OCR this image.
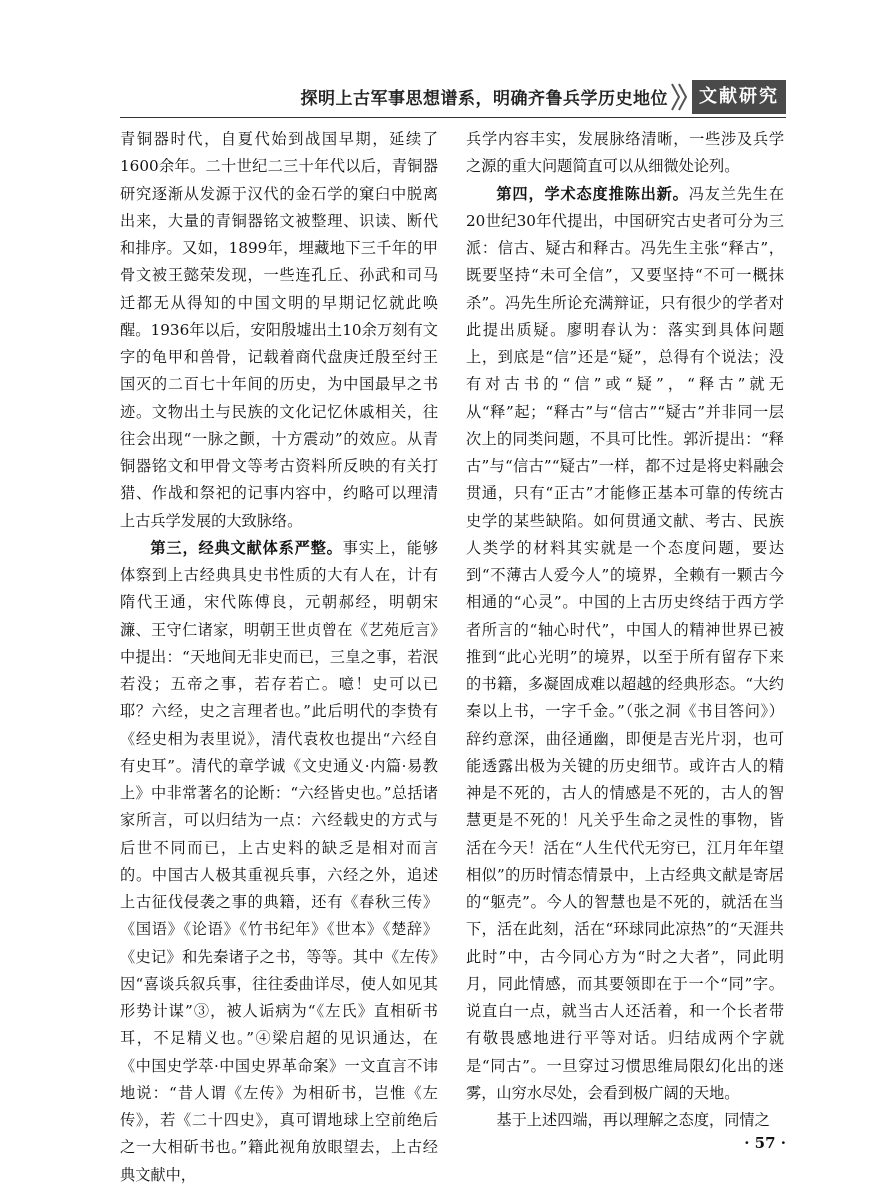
探明上古军事思想谱系，明确齐鲁兵学历史地位	文献研究

青铜器时代，自夏代始到战国早期，延续了1600余年。二十世纪二三十年代以后，青铜器研究逐渐从发源于汉代的金石学的窠臼中脱离出来，大量的青铜器铭文被整理、识读、断代和排序。又如，1899年，埋藏地下三千年的甲骨文被王懿荣发现，一些连孔丘、孙武和司马迁都无从得知的中国文明的早期记忆就此唤醒。1936年以后，安阳殷墟出土10余万刻有文字的龟甲和兽骨，记载着商代盘庚迁殷至纣王国灭的二百七十年间的历史，为中国最早之书迹。文物出土与民族的文化记忆休戚相关，往往会出现“一脉之颤，十方震动”的效应。从青铜器铭文和甲骨文等考古资料所反映的有关打猎、作战和祭祀的记事内容中，约略可以理清上古兵学发展的大致脉络。

第三，经典文献体系严整。事实上，能够体察到上古经典具史书性质的大有人在，计有隋代王通，宋代陈傅良，元朝郝经，明朝宋濂、王守仁诸家，明朝王世贞曾在《艺苑卮言》中提出：“天地间无非史而已，三皇之事，若泯若没；五帝之事，若存若亡。噫！史可以已耶？六经，史之言理者也。”此后明代的李贽有《经史相为表里说》，清代袁枚也提出“六经自有史耳”。清代的章学诚《文史通义·内篇·易教上》中非常著名的论断：“六经皆史也。”总括诸家所言，可以归结为一点：六经载史的方式与后世不同而已，上古史料的缺乏是相对而言的。中国古人极其重视兵事，六经之外，追述上古征伐侵袭之事的典籍，还有《春秋三传》《国语》《论语》《竹书纪年》《世本》《楚辞》《史记》和先秦诸子之书，等等。其中《左传》因“喜谈兵叙兵事，往往委曲详尽，使人如见其形势计谋”③，被人诟病为“《左氏》直相斫书耳，不足精义也。”④梁启超的见识通达，在《中国史学萃·中国史界革命案》一文直言不讳地说：“昔人谓《左传》为相斫书，岂惟《左传》，若《二十四史》，真可谓地球上空前绝后之一大相斫书也。”籍此视角放眼望去，上古经典文献中，

兵学内容丰实，发展脉络清晰，一些涉及兵学之源的重大问题简直可以从细微处论列。

第四，学术态度推陈出新。冯友兰先生在20世纪30年代提出，中国研究古史者可分为三派：信古、疑古和释古。冯先生主张“释古”，既要坚持“未可全信”，又要坚持“不可一概抹杀”。冯先生所论充满辩证，只有很少的学者对此提出质疑。廖明春认为：落实到具体问题上，到底是“信”还是“疑”，总得有个说法；没有对古书的“信”或“疑”，“释古”就无从“释”起；“释古”与“信古”“疑古”并非同一层次上的同类问题，不具可比性。郭沂提出：“释古”与“信古”“疑古”一样，都不过是将史料融会贯通，只有“正古”才能修正基本可靠的传统古史学的某些缺陷。如何贯通文献、考古、民族人类学的材料其实就是一个态度问题，要达到“不薄古人爱今人”的境界，全赖有一颗古今相通的“心灵”。中国的上古历史终结于西方学者所言的“轴心时代”，中国人的精神世界已被推到“此心光明”的境界，以至于所有留存下来的书籍，多凝固成难以超越的经典形态。“大约秦以上书，一字千金。”（张之洞《书目答问》）辞约意深，曲径通幽，即便是吉光片羽，也可能透露出极为关键的历史细节。或许古人的精神是不死的，古人的情感是不死的，古人的智慧更是不死的！凡关乎生命之灵性的事物，皆活在今天！活在“人生代代无穷已，江月年年望相似”的历时情态情景中，上古经典文献是寄居的“躯壳”。今人的智慧也是不死的，就活在当下，活在此刻，活在“环球同此凉热”的“天涯共此时”中，古今同心方为“时之大者”，同此明月，同此情感，而其要领即在于一个“同”字。说直白一点，就当古人还活着，和一个长者带有敬畏感地进行平等对话。归结成两个字就是“同古”。一旦穿过习惯思维局限幻化出的迷雾，山穷水尽处，会看到极广阔的天地。

基于上述四端，再以理解之态度，同情之

· 57 ·
